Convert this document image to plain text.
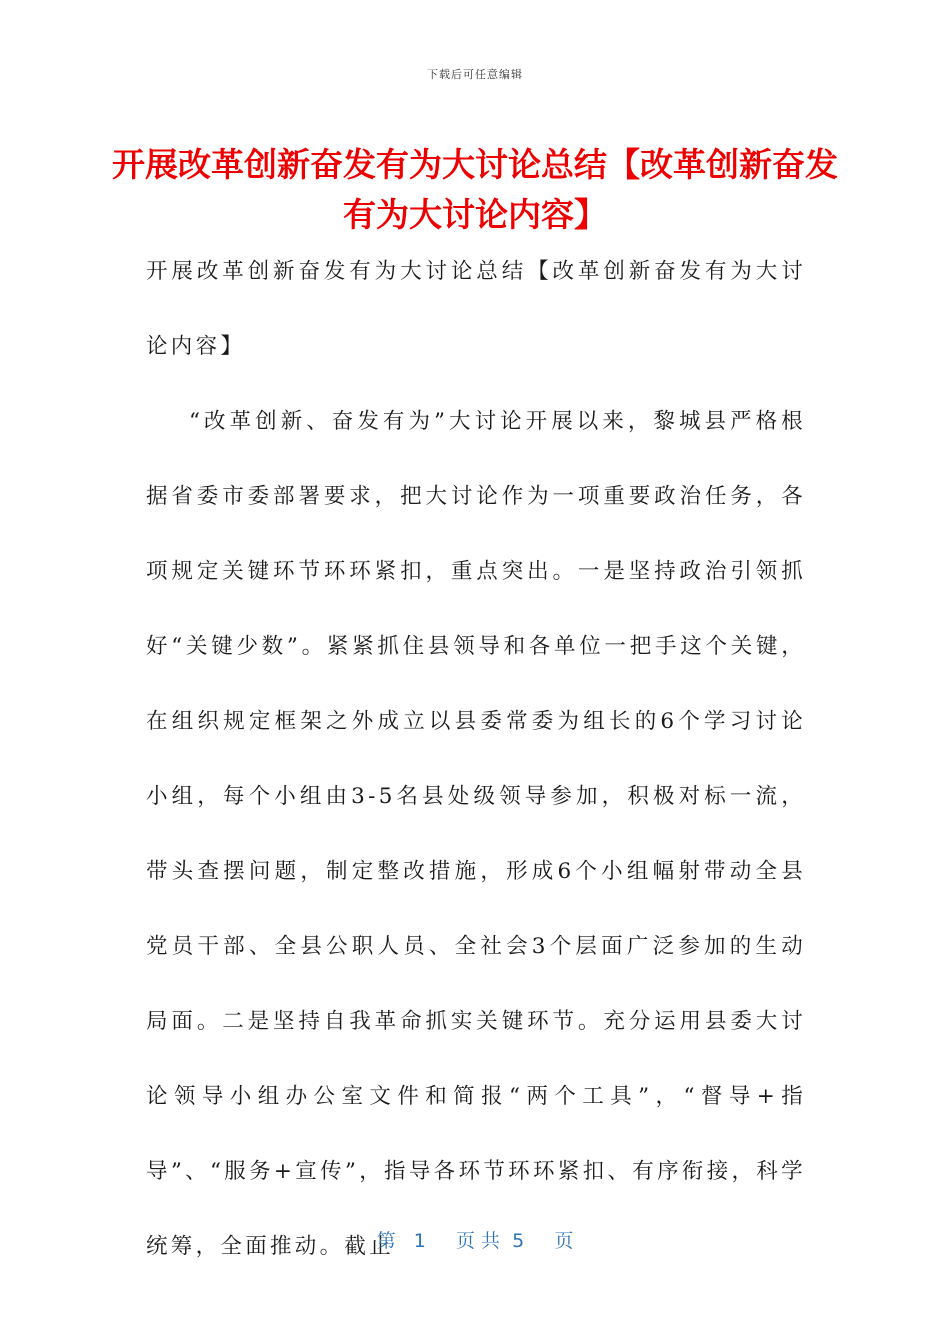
下载后可任意编辑
开展改革创新奋发有为大讨论总结【改革创新奋发有为大讨论内容】

开展改革创新奋发有为大讨论总结【改革创新奋发有为大讨论内容】

“改革创新、奋发有为”大讨论开展以来，黎城县严格根据省委市委部署要求，把大讨论作为一项重要政治任务，各项规定关键环节环环紧扣，重点突出。一是坚持政治引领抓好“关键少数”。紧紧抓住县领导和各单位一把手这个关键，在组织规定框架之外成立以县委常委为组长的6个学习讨论小组，每个小组由3-5名县处级领导参加，积极对标一流，带头查摆问题，制定整改措施，形成6个小组幅射带动全县党员干部、全县公职人员、全社会3个层面广泛参加的生动局面。二是坚持自我革命抓实关键环节。充分运用县委大讨论领导小组办公室文件和简报“两个工具”，“督导+指导”、“服务+宣传”，指导各环节环环紧扣、有序衔接，科学统筹，全面推动。截止

第   1     页 共  5     页
